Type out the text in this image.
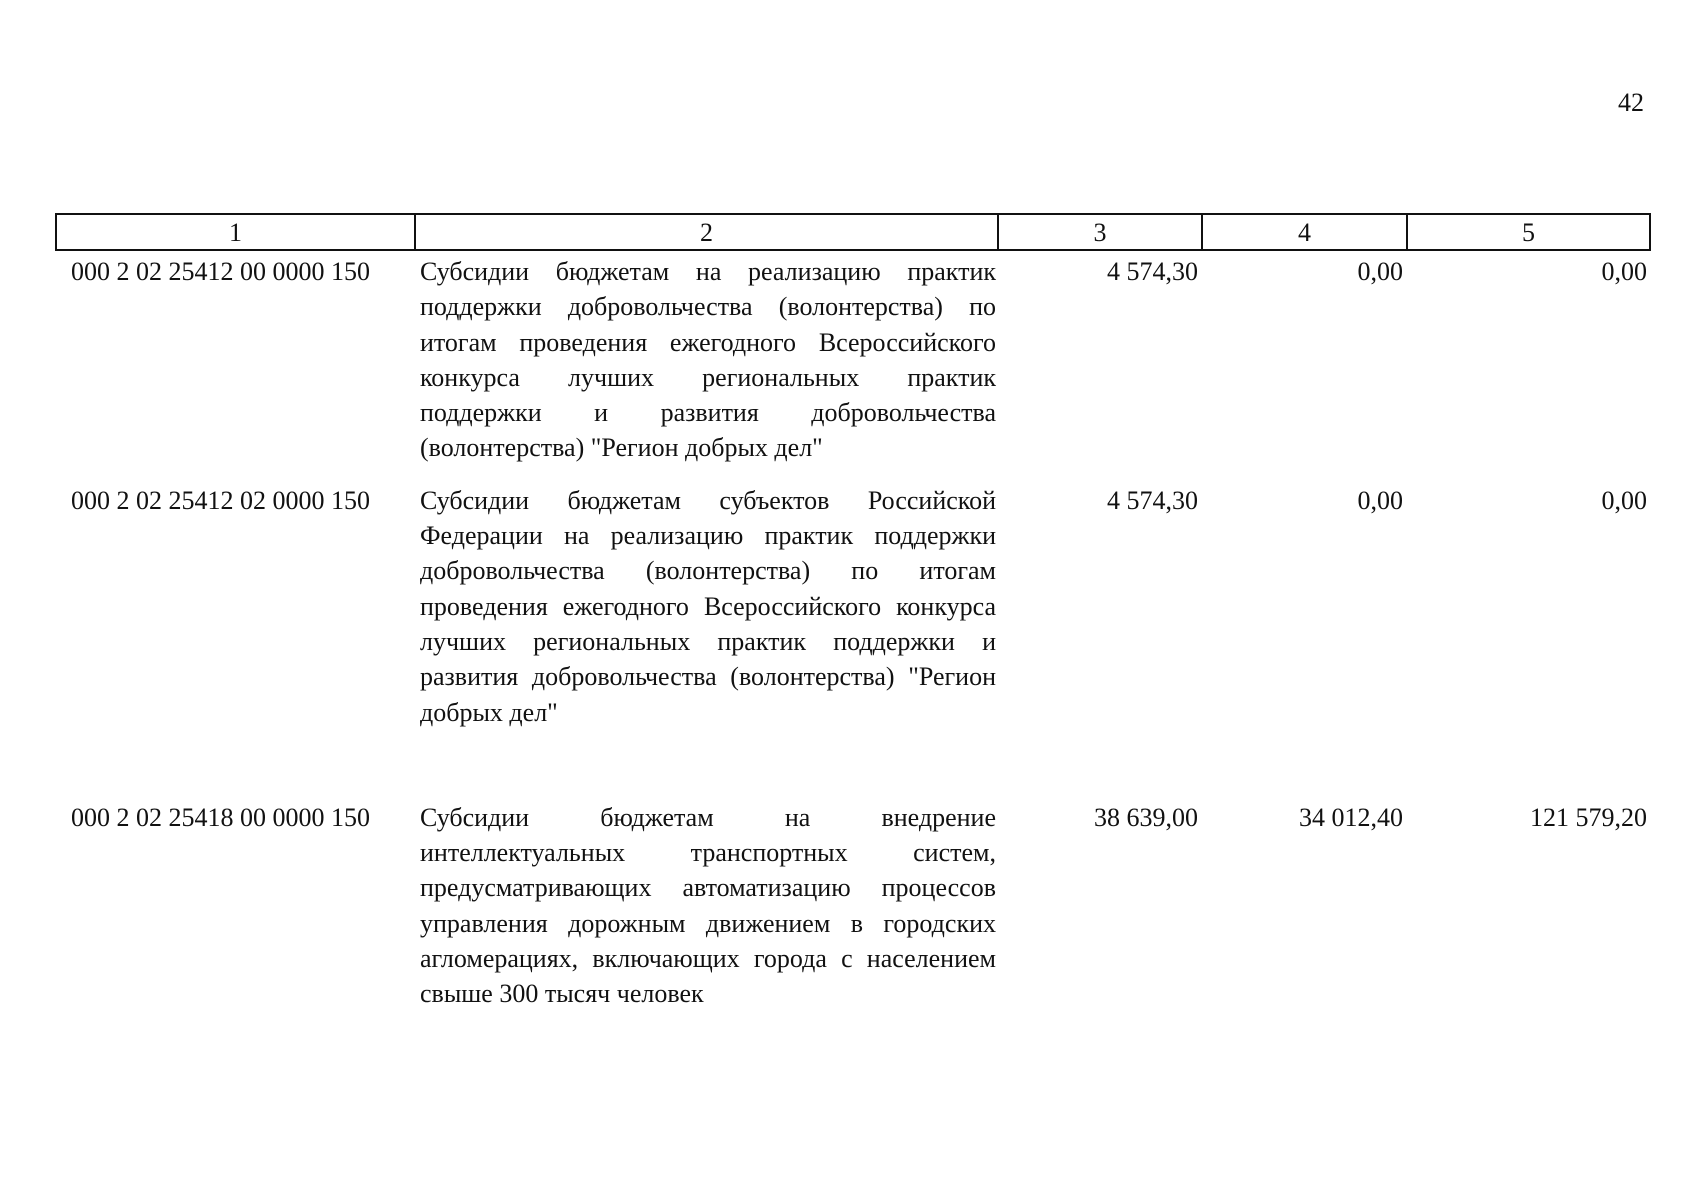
42
1	2	3	4	5
000 2 02 25412 00 0000 150	Субсидии бюджетам на реализацию практик поддержки добровольчества (волонтерства) по итогам проведения ежегодного Всероссийского конкурса лучших региональных практик поддержки и развития добровольчества (волонтерства) "Регион добрых дел"	4 574,30	0,00	0,00
000 2 02 25412 02 0000 150	Субсидии бюджетам субъектов Российской Федерации на реализацию практик поддержки добровольчества (волонтерства) по итогам проведения ежегодного Всероссийского конкурса лучших региональных практик поддержки и развития добровольчества (волонтерства) "Регион добрых дел"	4 574,30	0,00	0,00
000 2 02 25418 00 0000 150	Субсидии бюджетам на внедрение интеллектуальных транспортных систем, предусматривающих автоматизацию процессов управления дорожным движением в городских агломерациях, включающих города с населением свыше 300 тысяч человек	38 639,00	34 012,40	121 579,20
